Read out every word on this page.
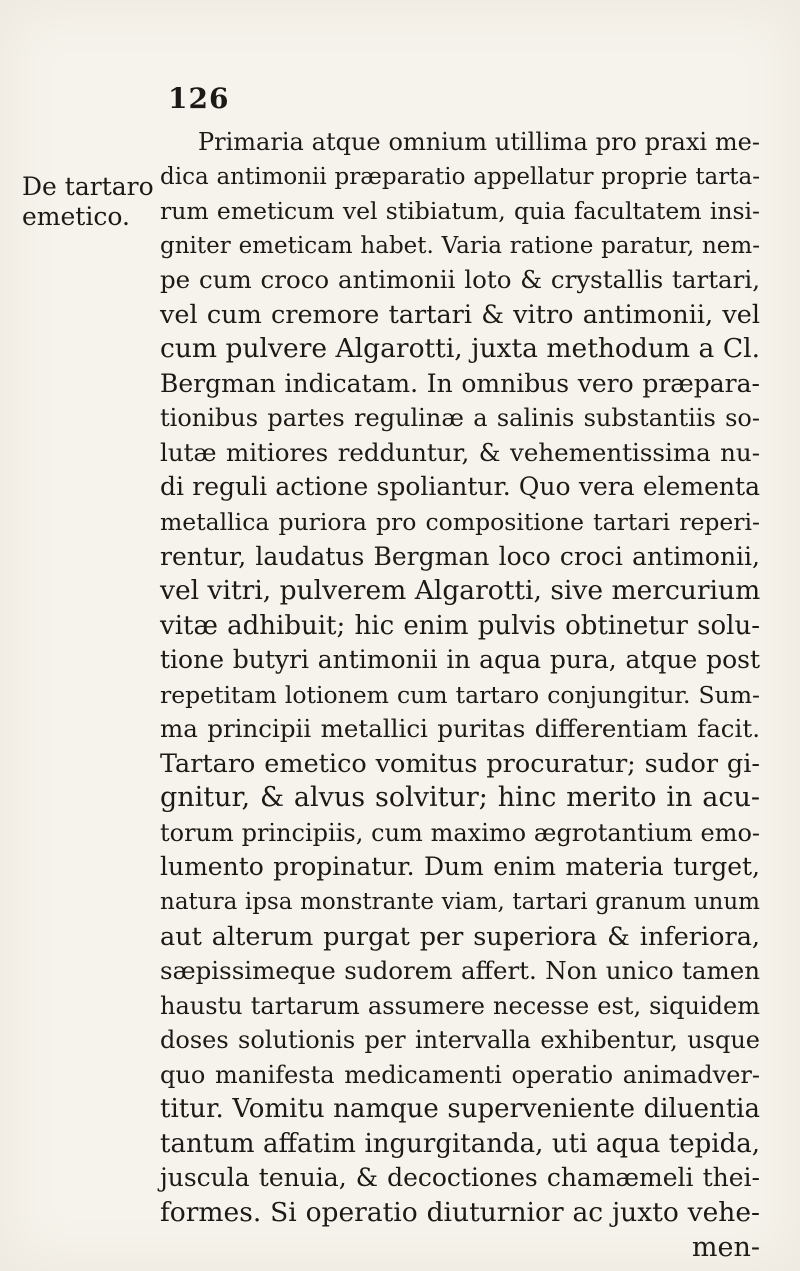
126
De tartaro
emetico.
Primaria atque omnium utillima pro praxi me-
dica antimonii præparatio appellatur proprie tarta-
rum emeticum vel stibiatum, quia facultatem insi-
gniter emeticam habet. Varia ratione paratur, nem-
pe cum croco antimonii loto & crystallis tartari,
vel cum cremore tartari & vitro antimonii, vel
cum pulvere Algarotti, juxta methodum a Cl.
Bergman indicatam. In omnibus vero præpara-
tionibus partes regulinæ a salinis substantiis so-
lutæ mitiores redduntur, & vehementissima nu-
di reguli actione spoliantur. Quo vera elementa
metallica puriora pro compositione tartari reperi-
rentur, laudatus Bergman loco croci antimonii,
vel vitri, pulverem Algarotti, sive mercurium
vitæ adhibuit; hic enim pulvis obtinetur solu-
tione butyri antimonii in aqua pura, atque post
repetitam lotionem cum tartaro conjungitur. Sum-
ma principii metallici puritas differentiam facit.
Tartaro emetico vomitus procuratur; sudor gi-
gnitur, & alvus solvitur; hinc merito in acu-
torum principiis, cum maximo ægrotantium emo-
lumento propinatur. Dum enim materia turget,
natura ipsa monstrante viam, tartari granum unum
aut alterum purgat per superiora & inferiora,
sæpissimeque sudorem affert. Non unico tamen
haustu tartarum assumere necesse est, siquidem
doses solutionis per intervalla exhibentur, usque
quo manifesta medicamenti operatio animadver-
titur. Vomitu namque superveniente diluentia
tantum affatim ingurgitanda, uti aqua tepida,
jusculа tenuia, & decoctiones chamæmeli thei-
formes. Si operatio diuturnior ac juxto vehe-
men-
